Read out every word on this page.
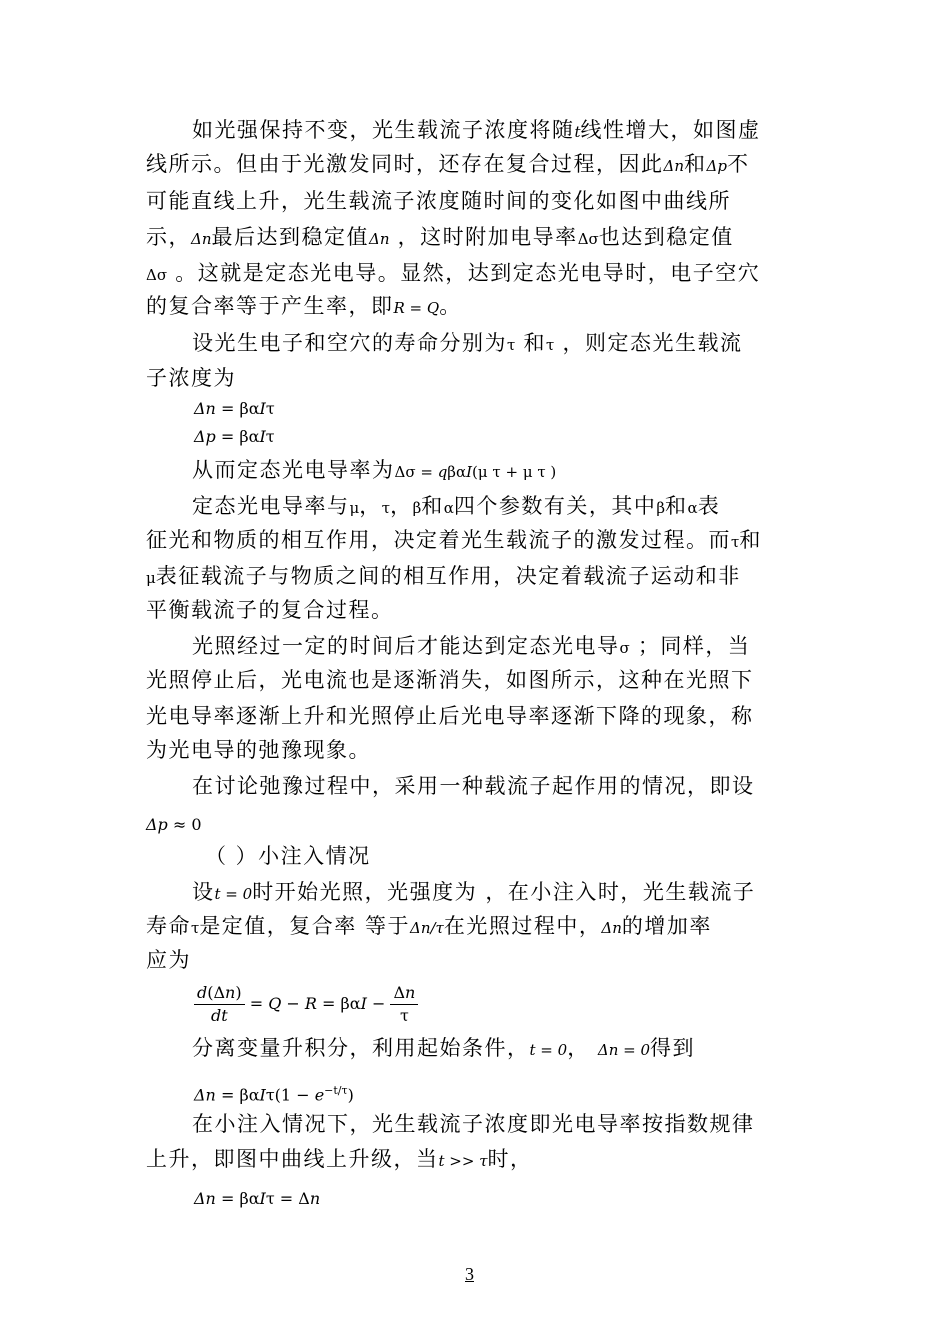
如光强保持不变，光生载流子浓度将随t线性增大，如图虚
线所示。但由于光激发同时，还存在复合过程，因此Δn和Δp不
可能直线上升，光生载流子浓度随时间的变化如图中曲线所
示，Δn最后达到稳定值Δn ，这时附加电导率Δσ也达到稳定值
Δσ 。这就是定态光电导。显然，达到定态光电导时，电子空穴
的复合率等于产生率，即R = Q。
设光生电子和空穴的寿命分别为τ 和τ ，则定态光生载流
子浓度为
Δn = βαIτ
Δp = βαIτ
从而定态光电导率为Δσ = qβαI(μ τ + μ τ )
定态光电导率与μ，τ，β和α四个参数有关，其中β和α表
征光和物质的相互作用，决定着光生载流子的激发过程。而τ和
μ表征载流子与物质之间的相互作用，决定着载流子运动和非
平衡载流子的复合过程。
光照经过一定的时间后才能达到定态光电导σ ；同样，当
光照停止后，光电流也是逐渐消失，如图所示，这种在光照下
光电导率逐渐上升和光照停止后光电导率逐渐下降的现象，称
为光电导的弛豫现象。
在讨论弛豫过程中，采用一种载流子起作用的情况，即设
Δp ≈ 0
（ ）小注入情况
设t = 0时开始光照，光强度为 ，在小注入时，光生载流子
寿命τ是定值，复合率 等于Δn/τ在光照过程中，Δn的增加率
应为
$\frac{d(\Delta n)}{dt} = Q - R = \beta\alpha I - \frac{\Delta n}{\tau}$
分离变量升积分，利用起始条件，t = 0， Δn = 0得到
$\Delta n = \beta\alpha I\tau(1 - e^{-t/\tau})$
在小注入情况下，光生载流子浓度即光电导率按指数规律
上升，即图中曲线上升级，当t >> τ时，
Δn = βαIτ = Δn
3
